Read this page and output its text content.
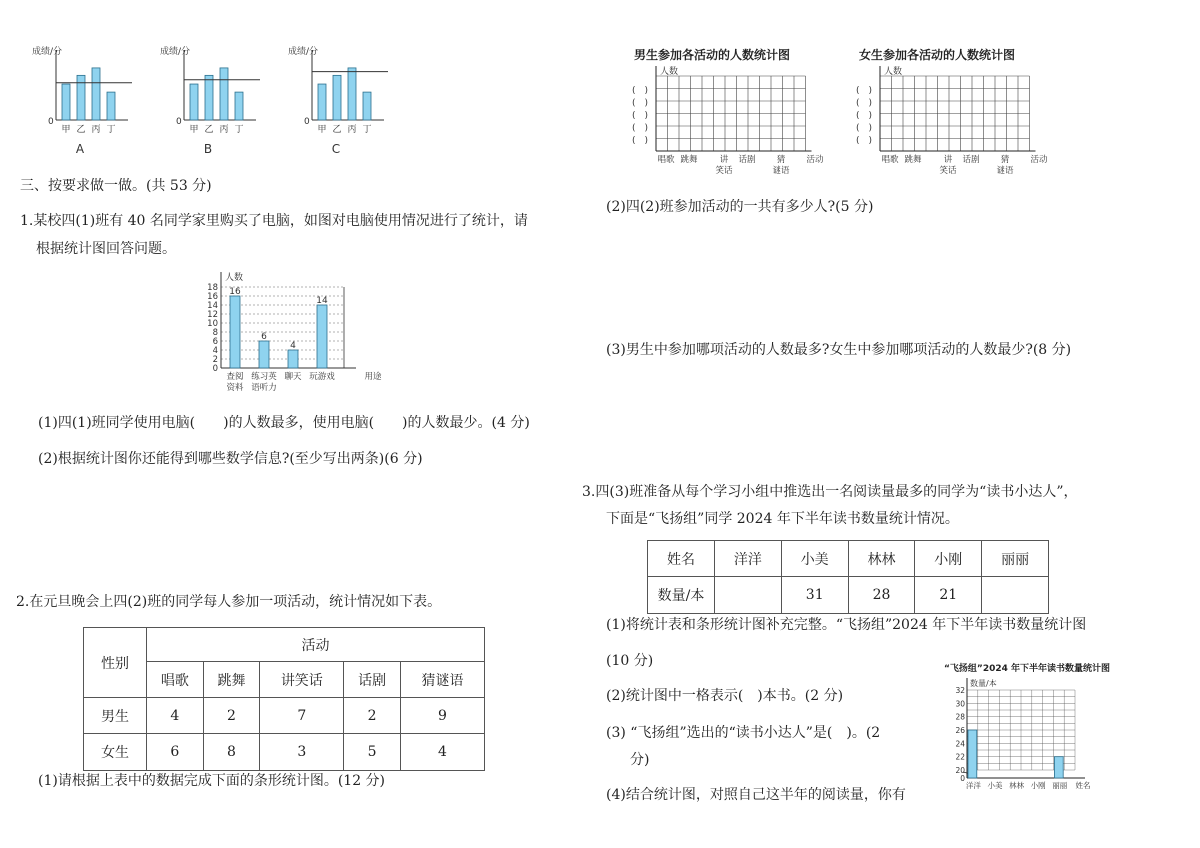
成绩/分
0
甲 乙 丙 丁
A
成绩/分
0
甲 乙 丙 丁
B
成绩/分
0
甲 乙 丙 丁
C
三、按要求做一做。(共 53 分)
1.某校四(1)班有 40 名同学家里购买了电脑，如图对电脑使用情况进行了统计，请
根据统计图回答问题。
人数
0
2
4
6
8
10
12
14
16
18 16
查阅
资料
6
练习英
语听力
4
聊天
14
玩游戏	用途
(1)四(1)班同学使用电脑(　　)的人数最多，使用电脑(　　)的人数最少。(4 分)
(2)根据统计图你还能得到哪些数学信息?(至少写出两条)(6 分)
2.在元旦晚会上四(2)班的同学每人参加一项活动，统计情况如下表。
性别	活动				
	唱歌	跳舞	讲笑话	话剧	猜谜语
男生	4	2	7	2	9
女生	6	8	3	5	4
(1)请根据上表中的数据完成下面的条形统计图。(12 分)
男生参加各活动的人数统计图	女生参加各活动的人数统计图
人数
(　)
(　)
(　)
(　)
(　)
唱歌 跳舞	讲
笑话
话剧 猜
谜语
活动
人数
(　)
(　)
(　)
(　)
(　)
唱歌 跳舞	讲
笑话
话剧 猜
谜语
活动
(2)四(2)班参加活动的一共有多少人?(5 分)
(3)男生中参加哪项活动的人数最多?女生中参加哪项活动的人数最少?(8 分)
3.四(3)班准备从每个学习小组中推选出一名阅读量最多的同学为“读书小达人”，
下面是“飞扬组”同学 2024 年下半年读书数量统计情况。
姓名	洋洋	小美	林林	小刚	丽丽
数量/本		31	28	21	
(1)将统计表和条形统计图补充完整。“飞扬组”2024 年下半年读书数量统计图
(10 分)
(2)统计图中一格表示(　)本书。(2 分)
(3) “飞扬组”选出的“读书小达人”是(　)。(2
分)
(4)结合统计图，对照自己这半年的阅读量，你有
“飞扬组”2024 年下半年读书数量统计图
数量/本
20
22
24
26
28
30
32
0
洋洋 小美 林林 小刚 丽丽 姓名
